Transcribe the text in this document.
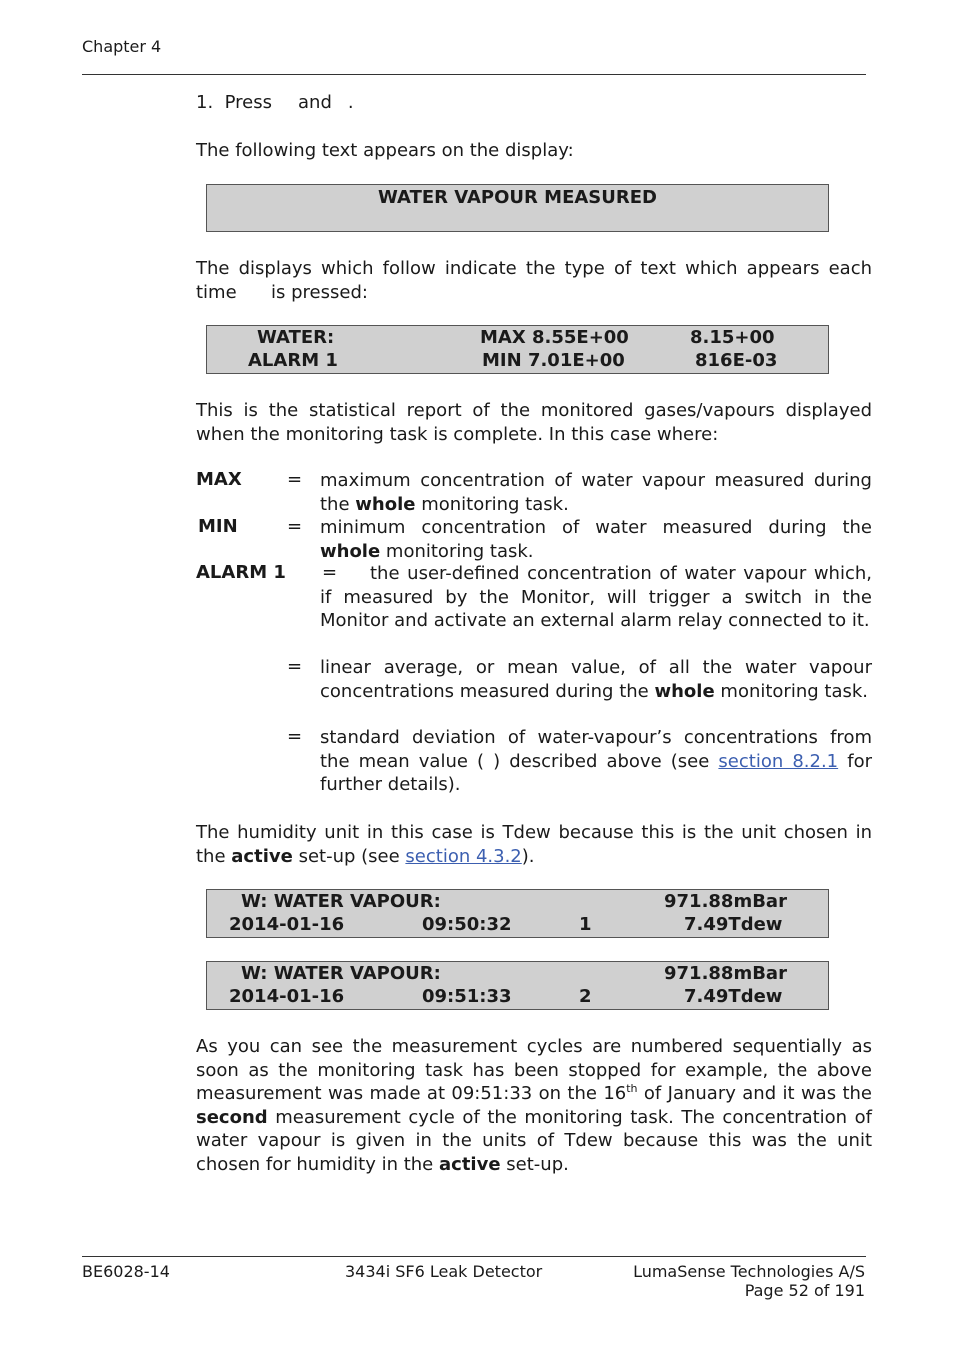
Chapter 4
1. Press and .
The following text appears on the display:
WATER VAPOUR MEASURED
The displays which follow indicate the type of text which appears each time is pressed:
WATER:	MAX 8.55E+00	8.15+00
ALARM 1	MIN 7.01E+00	816E-03
This is the statistical report of the monitored gases/vapours displayed when the monitoring task is complete. In this case where:
MAX	= maximum concentration of water vapour measured during the whole monitoring task.
MIN	= minimum concentration of water measured during the whole monitoring task.
ALARM 1 =	the user-defined concentration of water vapour which, if measured by the Monitor, will trigger a switch in the Monitor and activate an external alarm relay connected to it.
= linear average, or mean value, of all the water vapour concentrations measured during the whole monitoring task.
= standard deviation of water-vapour’s concentrations from the mean value ( ) described above (see section 8.2.1 for further details).
The humidity unit in this case is Tdew because this is the unit chosen in the active set-up (see section 4.3.2).
W: WATER VAPOUR:	971.88mBar
2014-01-16	09:50:32	1	7.49Tdew
W: WATER VAPOUR:	971.88mBar
2014-01-16	09:51:33	2	7.49Tdew
As you can see the measurement cycles are numbered sequentially as soon as the monitoring task has been stopped for example, the above measurement was made at 09:51:33 on the 16th of January and it was the second measurement cycle of the monitoring task. The concentration of water vapour is given in the units of Tdew because this was the unit chosen for humidity in the active set-up.
BE6028-14	3434i SF6 Leak Detector	LumaSense Technologies A/S
Page 52 of 191
